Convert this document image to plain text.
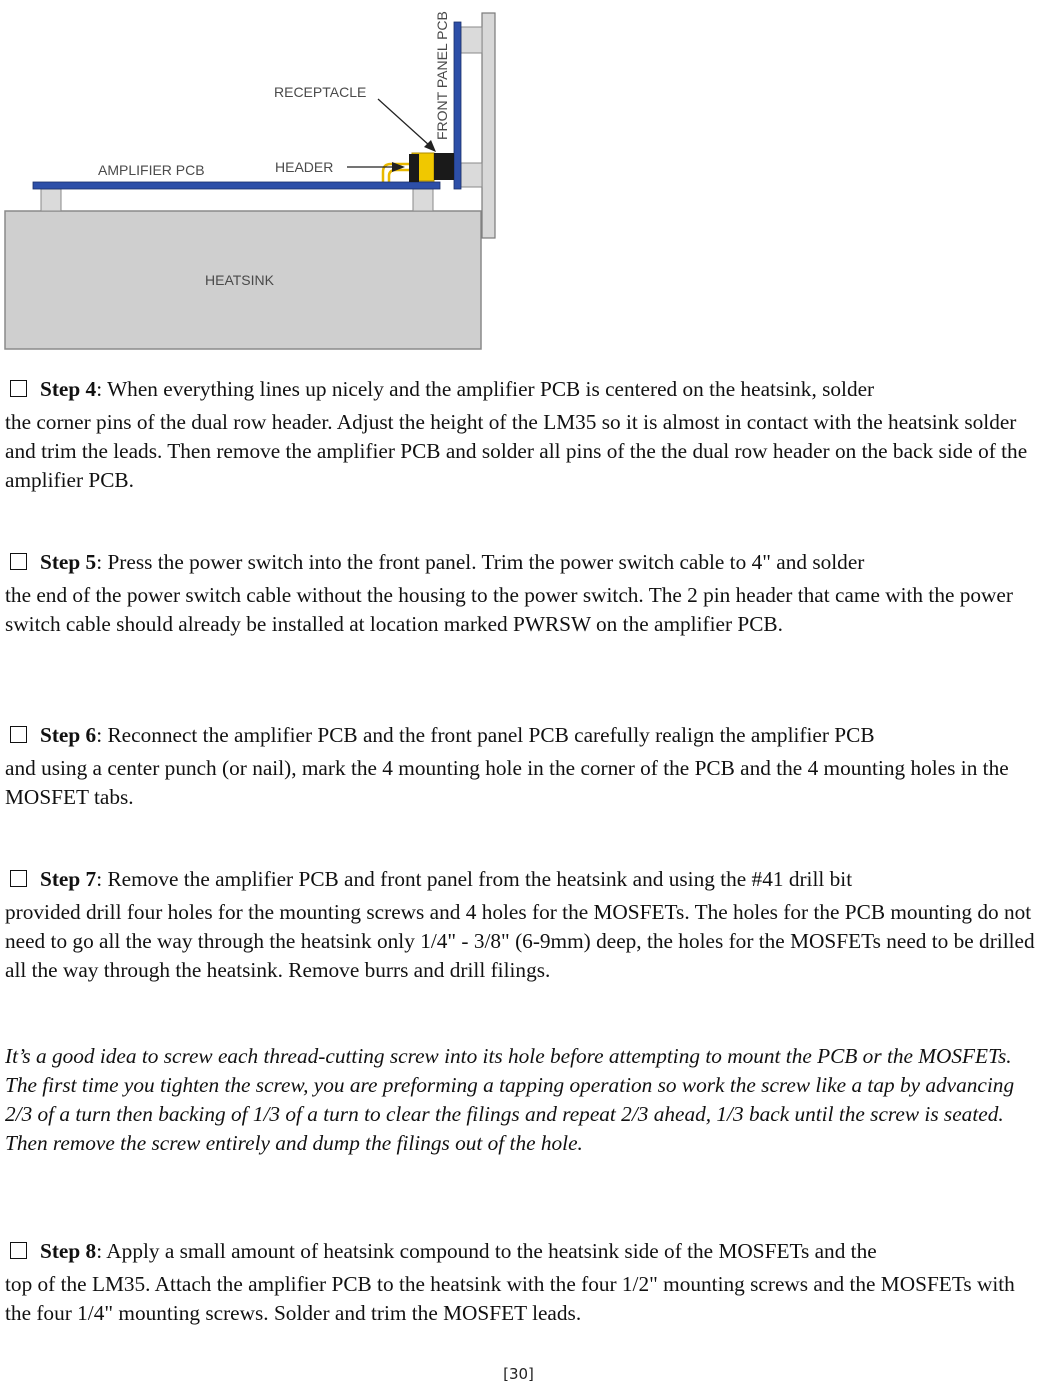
RECEPTACLE
HEADER
AMPLIFIER PCB
HEATSINK
FRONT PANEL PCB
Step 4: When everything lines up nicely and the amplifier PCB is centered on the heatsink, solder
the corner pins of the dual row header. Adjust the height of the LM35 so it is almost in contact with the heatsink solder and trim the leads. Then remove the amplifier PCB and solder all pins of the the dual row header on the back side of the amplifier PCB.
Step 5: Press the power switch into the front panel. Trim the power switch cable to 4" and solder
the end of the power switch cable without the housing to the power switch. The 2 pin header that came with the power switch cable should already be installed at location marked PWRSW on the amplifier PCB.
Step 6: Reconnect the amplifier PCB and the front panel PCB carefully realign the amplifier PCB
and using a center punch (or nail), mark the 4 mounting hole in the corner of the PCB and the 4 mounting holes in the MOSFET tabs.
Step 7: Remove the amplifier PCB and front panel from the heatsink and using the #41 drill bit
provided drill four holes for the mounting screws and 4 holes for the MOSFETs. The holes for the PCB mounting do not need to go all the way through the heatsink only 1/4" - 3/8" (6-9mm) deep, the holes for the MOSFETs need to be drilled all the way through the heatsink. Remove burrs and drill filings.
It’s a good idea to screw each thread-cutting screw into its hole before attempting to mount the PCB or the MOSFETs. The first time you tighten the screw, you are preforming a tapping operation so work the screw like a tap by advancing 2/3 of a turn then backing of 1/3 of a turn to clear the filings and repeat 2/3 ahead, 1/3 back until the screw is seated. Then remove the screw entirely and dump the filings out of the hole.
Step 8: Apply a small amount of heatsink compound to the heatsink side of the MOSFETs and the
top of the LM35. Attach the amplifier PCB to the heatsink with the four 1/2" mounting screws and the MOSFETs with the four 1/4" mounting screws. Solder and trim the MOSFET leads.
[30]
